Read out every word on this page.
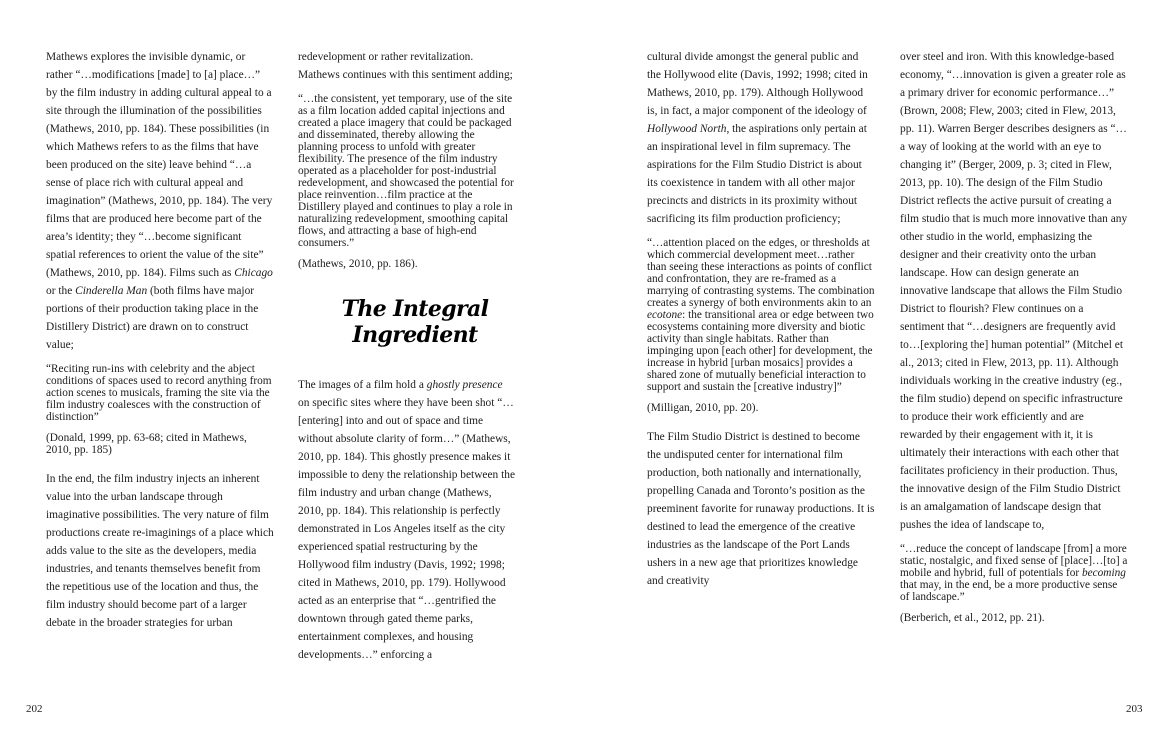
Mathews explores the invisible dynamic, or rather “…modifications [made] to [a] place…” by the film industry in adding cultural appeal to a site through the illumination of the possibilities (Mathews, 2010, pp. 184). These possibilities (in which Mathews refers to as the films that have been produced on the site) leave behind “…a sense of place rich with cultural appeal and imagination” (Mathews, 2010, pp. 184). The very films that are produced here become part of the area’s identity; they “…become significant spatial references to orient the value of the site” (Mathews, 2010, pp. 184). Films such as Chicago or the Cinderella Man (both films have major portions of their production taking place in the Distillery District) are drawn on to construct value;

“Reciting run-ins with celebrity and the abject conditions of spaces used to record anything from action scenes to musicals, framing the site via the film industry coalesces with the construction of distinction”

(Donald, 1999, pp. 63-68; cited in Mathews, 2010, pp. 185)

In the end, the film industry injects an inherent value into the urban landscape through imaginative possibilities. The very nature of film productions create re-imaginings of a place which adds value to the site as the developers, media industries, and tenants themselves benefit from the repetitious use of the location and thus, the film industry should become part of a larger debate in the broader strategies for urban

redevelopment or rather revitalization. Mathews continues with this sentiment adding;

“…the consistent, yet temporary, use of the site as a film location added capital injections and created a place imagery that could be packaged and disseminated, thereby allowing the planning process to unfold with greater flexibility. The presence of the film industry operated as a placeholder for post-industrial redevelopment, and showcased the potential for place reinvention…film practice at the Distillery played and continues to play a role in naturalizing redevelopment, smoothing capital flows, and attracting a base of high-end consumers.”

(Mathews, 2010, pp. 186).

The Integral Ingredient

The images of a film hold a ghostly presence on specific sites where they have been shot “…[entering] into and out of space and time without absolute clarity of form…” (Mathews, 2010, pp. 184). This ghostly presence makes it impossible to deny the relationship between the film industry and urban change (Mathews, 2010, pp. 184). This relationship is perfectly demonstrated in Los Angeles itself as the city experienced spatial restructuring by the Hollywood film industry (Davis, 1992; 1998; cited in Mathews, 2010, pp. 179). Hollywood acted as an enterprise that “…gentrified the downtown through gated theme parks, entertainment complexes, and housing developments…” enforcing a

cultural divide amongst the general public and the Hollywood elite (Davis, 1992; 1998; cited in Mathews, 2010, pp. 179). Although Hollywood is, in fact, a major component of the ideology of Hollywood North, the aspirations only pertain at an inspirational level in film supremacy. The aspirations for the Film Studio District is about its coexistence in tandem with all other major precincts and districts in its proximity without sacrificing its film production proficiency;

“…attention placed on the edges, or thresholds at which commercial development meet…rather than seeing these interactions as points of conflict and confrontation, they are re-framed as a marrying of contrasting systems. The combination creates a synergy of both environments akin to an ecotone: the transitional area or edge between two ecosystems containing more diversity and biotic activity than single habitats. Rather than impinging upon [each other] for development, the increase in hybrid [urban mosaics] provides a shared zone of mutually beneficial interaction to support and sustain the [creative industry]”

(Milligan, 2010, pp. 20).

The Film Studio District is destined to become the undisputed center for international film production, both nationally and internationally, propelling Canada and Toronto’s position as the preeminent favorite for runaway productions. It is destined to lead the emergence of the creative industries as the landscape of the Port Lands ushers in a new age that prioritizes knowledge and creativity

over steel and iron. With this knowledge-based economy, “…innovation is given a greater role as a primary driver for economic performance…” (Brown, 2008; Flew, 2003; cited in Flew, 2013, pp. 11). Warren Berger describes designers as “…a way of looking at the world with an eye to changing it” (Berger, 2009, p. 3; cited in Flew, 2013, pp. 10). The design of the Film Studio District reflects the active pursuit of creating a film studio that is much more innovative than any other studio in the world, emphasizing the designer and their creativity onto the urban landscape. How can design generate an innovative landscape that allows the Film Studio District to flourish? Flew continues on a sentiment that “…designers are frequently avid to…[exploring the] human potential” (Mitchel et al., 2013; cited in Flew, 2013, pp. 11). Although individuals working in the creative industry (eg., the film studio) depend on specific infrastructure to produce their work efficiently and are rewarded by their engagement with it, it is ultimately their interactions with each other that facilitates proficiency in their production. Thus, the innovative design of the Film Studio District is an amalgamation of landscape design that pushes the idea of landscape to,

“…reduce the concept of landscape [from] a more static, nostalgic, and fixed sense of [place]…[to] a mobile and hybrid, full of potentials for becoming that may, in the end, be a more productive sense of landscape.”

(Berberich, et al., 2012, pp. 21).

202	203
